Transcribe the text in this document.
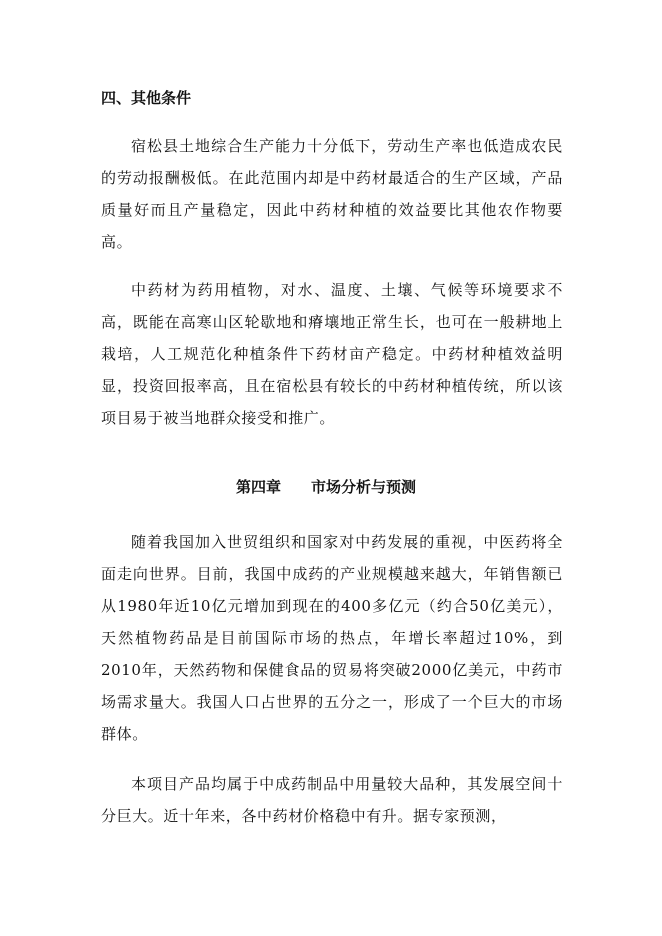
四、其他条件

宿松县土地综合生产能力十分低下，劳动生产率也低造成农民的劳动报酬极低。在此范围内却是中药材最适合的生产区域，产品质量好而且产量稳定，因此中药材种植的效益要比其他农作物要高。

中药材为药用植物，对水、温度、土壤、气候等环境要求不高，既能在高寒山区轮歇地和瘠壤地正常生长，也可在一般耕地上栽培，人工规范化种植条件下药材亩产稳定。中药材种植效益明显，投资回报率高，且在宿松县有较长的中药材种植传统，所以该项目易于被当地群众接受和推广。

第四章 市场分析与预测

随着我国加入世贸组织和国家对中药发展的重视，中医药将全面走向世界。目前，我国中成药的产业规模越来越大，年销售额已从1980年近10亿元增加到现在的400多亿元（约合50亿美元），天然植物药品是目前国际市场的热点，年增长率超过10%，到2010年，天然药物和保健食品的贸易将突破2000亿美元，中药市场需求量大。我国人口占世界的五分之一，形成了一个巨大的市场群体。

本项目产品均属于中成药制品中用量较大品种，其发展空间十分巨大。近十年来，各中药材价格稳中有升。据专家预测，
